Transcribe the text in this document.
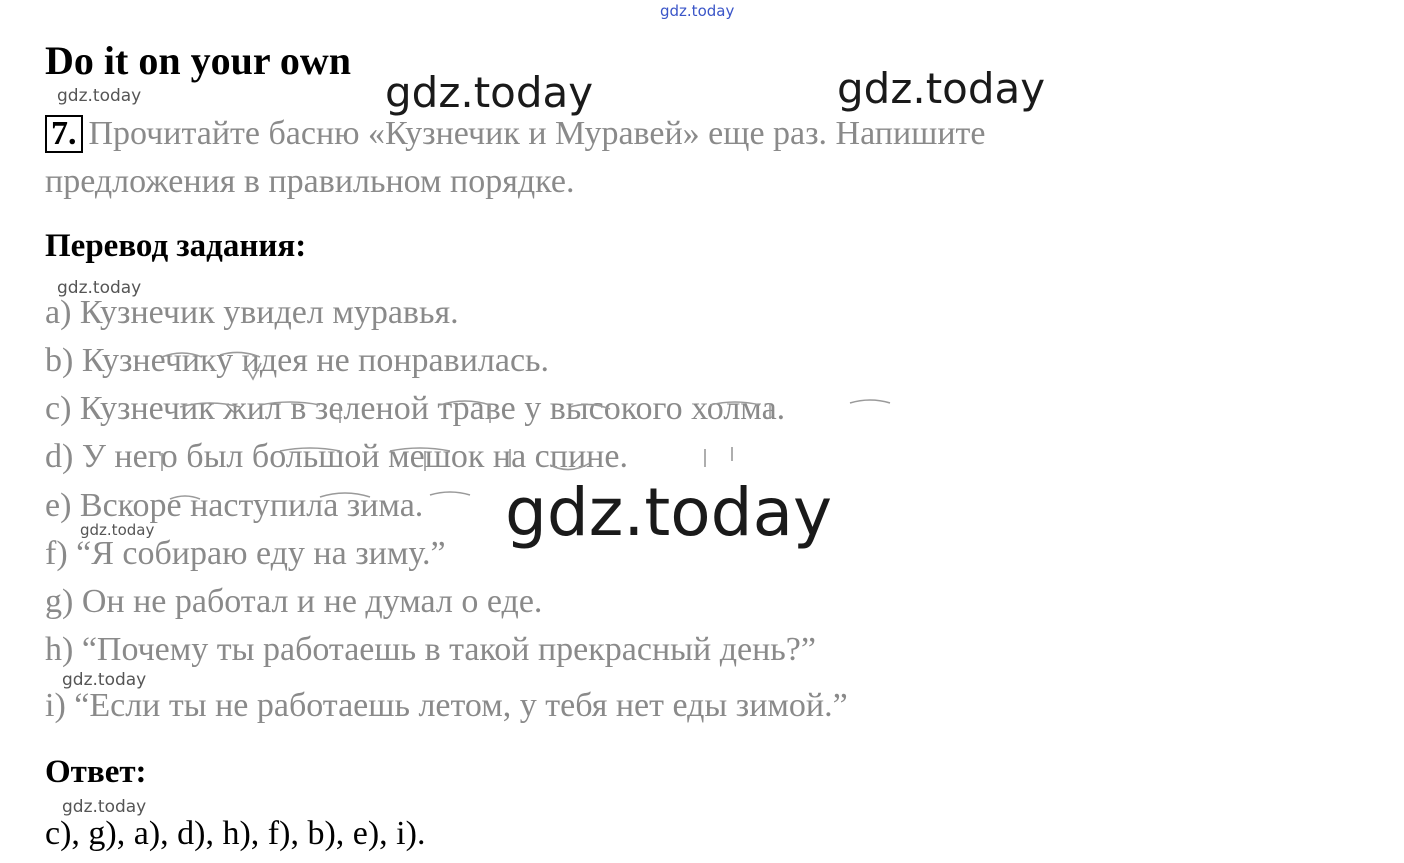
gdz.today
gdz.today	gdz.today	gdz.today
gdz.today
gdz.today
gdz.today
gdz.today
Do it on your own
7. Прочитайте басню «Кузнечик и Муравей» еще раз. Напишите
предложения в правильном порядке.
Перевод задания:
a) Кузнечик увидел муравья.
b) Кузнечику идея не понравилась.
c) Кузнечик жил в зеленой траве у высокого холма.
d) У него был большой мешок на спине.
e) Вскоре наступила зима.
f) “Я собираю еду на зиму.”
g) Он не работал и не думал о еде.
h) “Почему ты работаешь в такой прекрасный день?”
i) “Если ты не работаешь летом, у тебя нет еды зимой.”
gdz.today
Ответ:
c), g), a), d), h), f), b), e), i).
